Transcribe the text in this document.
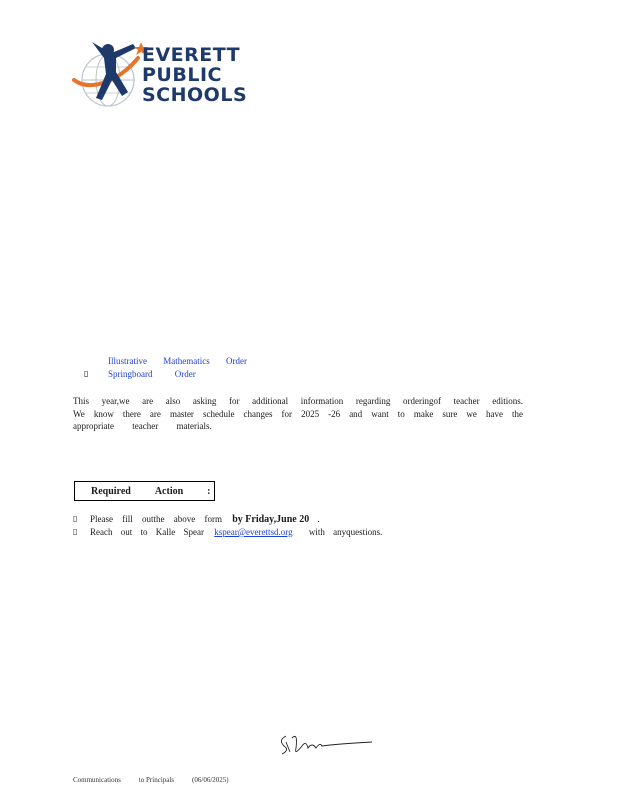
EVERETT
PUBLIC
SCHOOLS
Illustrative Mathematics Order
▯ Springboard Order

This year,we are also asking for additional information regarding orderingof teacher editions.

We know there are master schedule changes for 2025 -26 and want to make sure we have the

appropriate teacher materials.

Required Action :
▯ Please fill outthe above form by Friday,June 20 .
▯ Reach out to Kalle Spear kspear@everettsd.org with anyquestions.
Communications	to Principals	(06/06/2025)
